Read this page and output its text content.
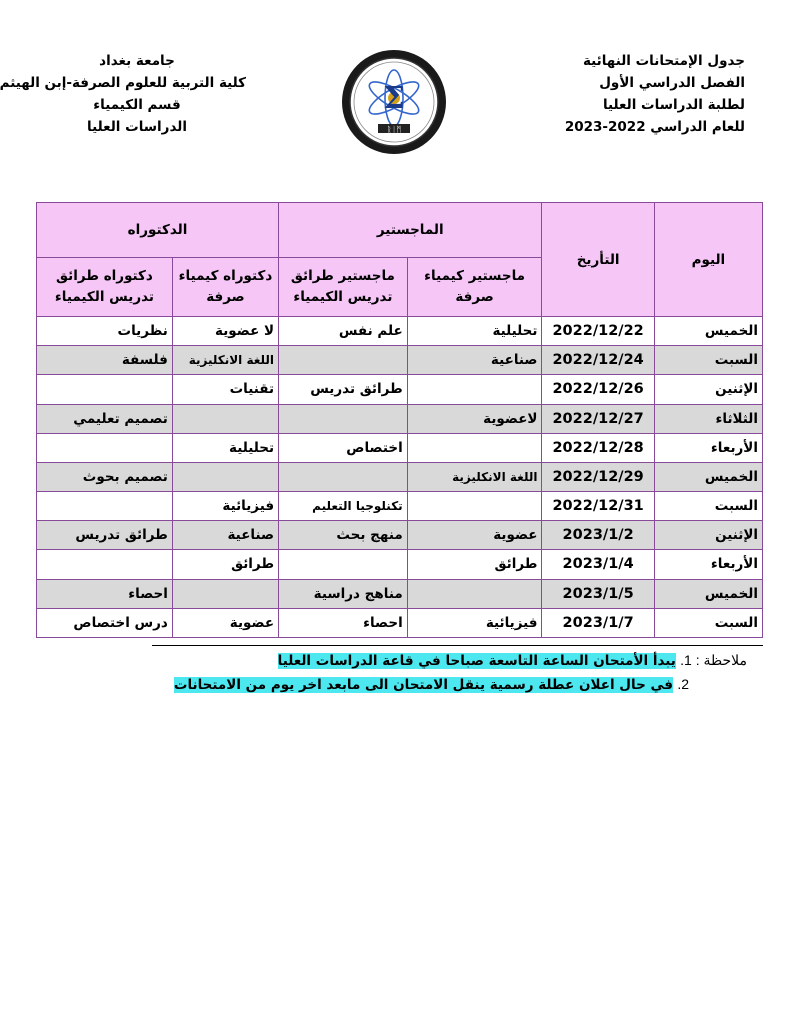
جدول الإمتحانات النهائية
الفصل الدراسي الأول
لطلبة الدراسات العليا
للعام الدراسي 2022-2023
Σ
ᚱᛁᛗ
جامعة بغداد
كلية التربية للعلوم الصرفة-إبن الهيثم
قسم الكيمياء
الدراسات العليا
اليوم	التأريخ	الماجستير		الدكتوراه	
		ماجستير كيمياء صرفة	ماجستير طرائق تدريس الكيمياء	دكتوراه كيمياء صرفة	دكتوراه طرائق تدريس الكيمياء
الخميس	2022/12/22	تحليلية	علم نفس	لا عضوية	نظريات
السبت	2022/12/24	صناعية		اللغة الانكليزية	فلسفة
الإثنين	2022/12/26		طرائق تدريس	تقنيات	
الثلاثاء	2022/12/27	لاعضوية			تصميم تعليمي
الأربعاء	2022/12/28		اختصاص	تحليلية	
الخميس	2022/12/29	اللغة الانكليزية			تصميم بحوث
السبت	2022/12/31		تكنلوجيا التعليم	فيزيائية	
الإثنين	2023/1/2	عضوية	منهج بحث	صناعية	طرائق تدريس
الأربعاء	2023/1/4	طرائق		طرائق	
الخميس	2023/1/5		مناهج دراسية		احصاء
السبت	2023/1/7	فيزيائية	احصاء	عضوية	درس اختصاص
ملاحظة : 1. يبدأ الأمتحان الساعة التاسعة صباحا في قاعة الدراسات العليا
2. في حال اعلان عطلة رسمية ينقل الامتحان الى مابعد اخر يوم من الامتحانات
